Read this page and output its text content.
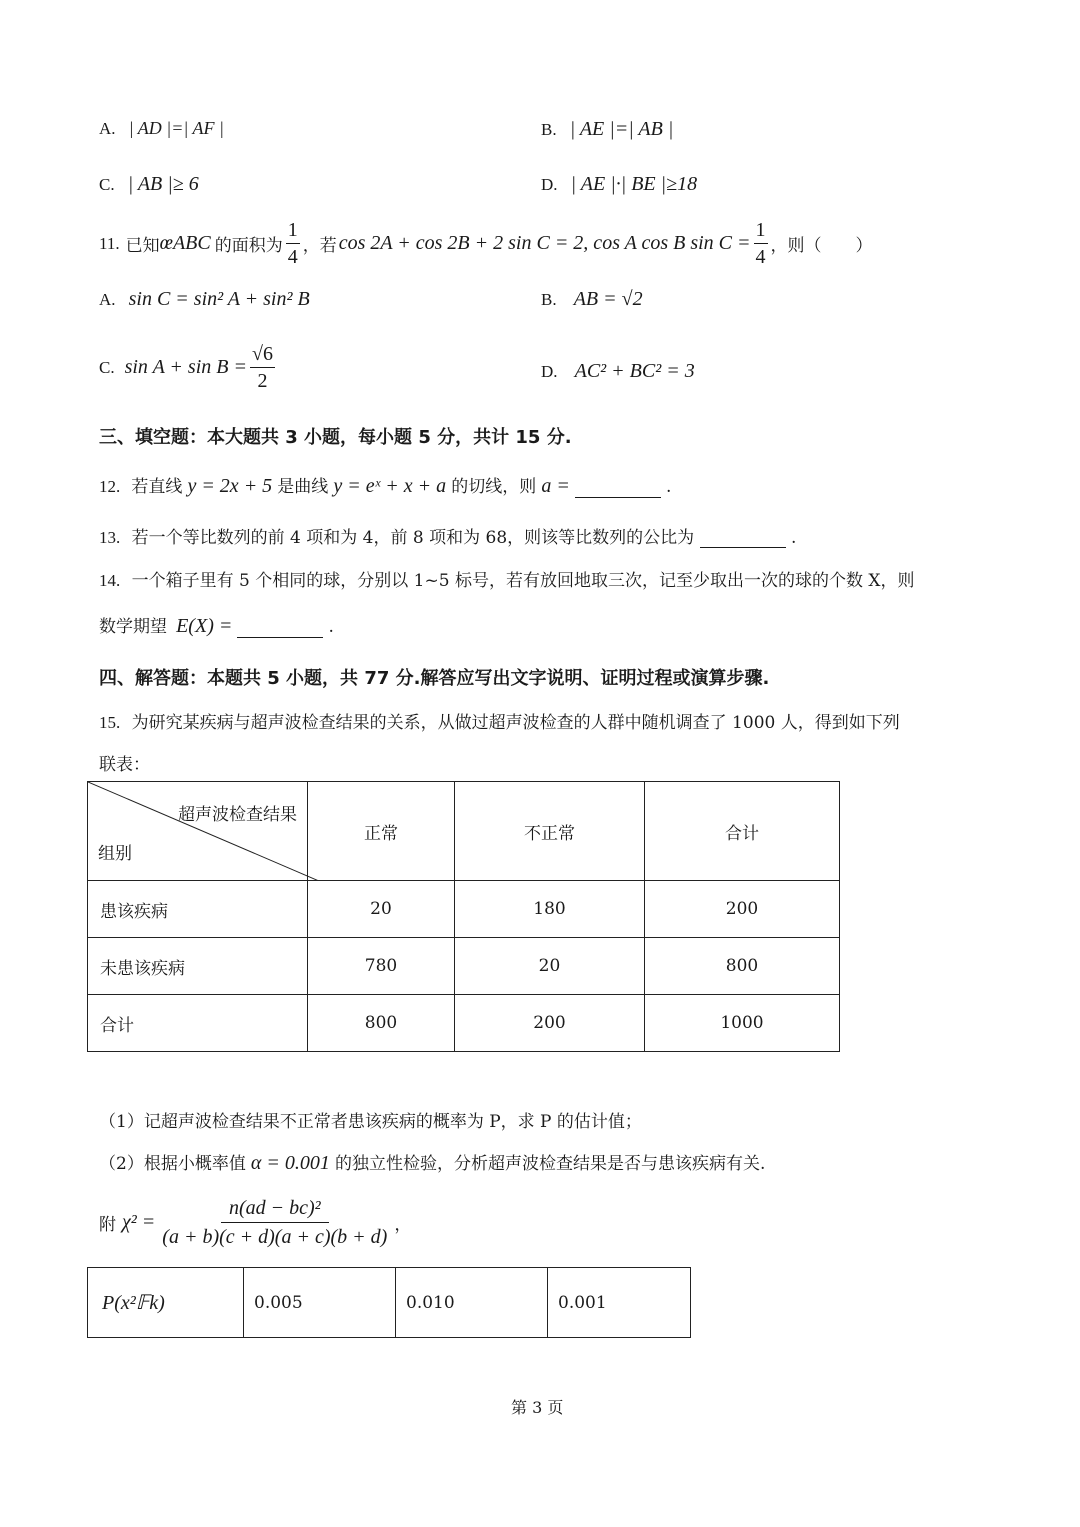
A. | AD |=| AF |	B. | AE |=| AB |
C. | AB |≥ 6	D. | AE |·| BE |≥18
11. 已知 œABC 的面积为 $\frac{1}{4}$ ，若 cos 2A + cos 2B + 2 sin C = 2, cos A cos B $\sin C = \frac{1}{4}$ ，则（　　）
A. sin C = sin² A + sin² B	B. AB = √2
C. $\sin A + \sin B = \frac{√6}{2}$	D. AC² + BC² = 3
三、填空题：本大题共 3 小题，每小题 5 分，共计 15 分.
12. 若直线 y = 2x + 5 是曲线 y = eˣ + x + a 的切线，则 a =	.
13. 若一个等比数列的前 4 项和为 4，前 8 项和为 68，则该等比数列的公比为	.
14. 一个箱子里有 5 个相同的球，分别以 1~5 标号，若有放回地取三次，记至少取出一次的球的个数 X，则
数学期望 E(X) =	.
四、解答题：本题共 5 小题，共 77 分.解答应写出文字说明、证明过程或演算步骤.
15. 为研究某疾病与超声波检查结果的关系，从做过超声波检查的人群中随机调查了 1000 人，得到如下列
联表：
超声波检查结果
组别	正常	不正常	合计
患该疾病	20	180	200
未患该疾病	780	20	800
合计	800	200	1000
（1）记超声波检查结果不正常者患该疾病的概率为 P，求 P 的估计值；
（2）根据小概率值 α = 0.001 的独立性检验，分析超声波检查结果是否与患该疾病有关.
附 $\chi^2 = \frac{\text{n(ad − bc)²}}{(a + b)(c + d)(a + c)(b + d)}$ ，
P(x²𝔽k)	0.005	0.010	0.001
第 3 页
